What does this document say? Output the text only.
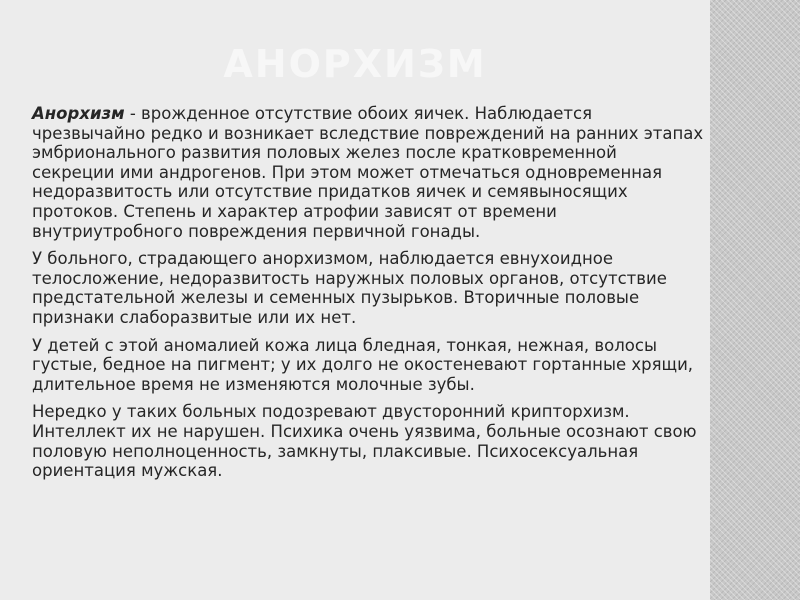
АНОРХИЗМ

Анорхизм - врожденное отсутствие обоих яичек. Наблюдается чрезвычайно редко и возникает вследствие повреждений на ранних этапах эмбрионального развития половых желез после кратковременной секреции ими андрогенов. При этом может отмечаться одновременная недоразвитость или отсутствие придатков яичек и семявыносящих протоков. Степень и характер атрофии зависят от времени внутриутробного повреждения первичной гонады.

У больного, страдающего анорхизмом, наблюдается евнухоидное телосложение, недоразвитость наружных половых органов, отсутствие предстательной железы и семенных пузырьков. Вторичные половые признаки слаборазвитые или их нет.

У детей с этой аномалией кожа лица бледная, тонкая, нежная, волосы густые, бедное на пигмент; у их долго не окостеневают гортанные хрящи, длительное время не изменяются молочные зубы.

Нередко у таких больных подозревают двусторонний крипторхизм. Интеллект их не нарушен. Психика очень уязвима, больные осознают свою половую неполноценность, замкнуты, плаксивые. Психосексуальная ориентация мужская.
